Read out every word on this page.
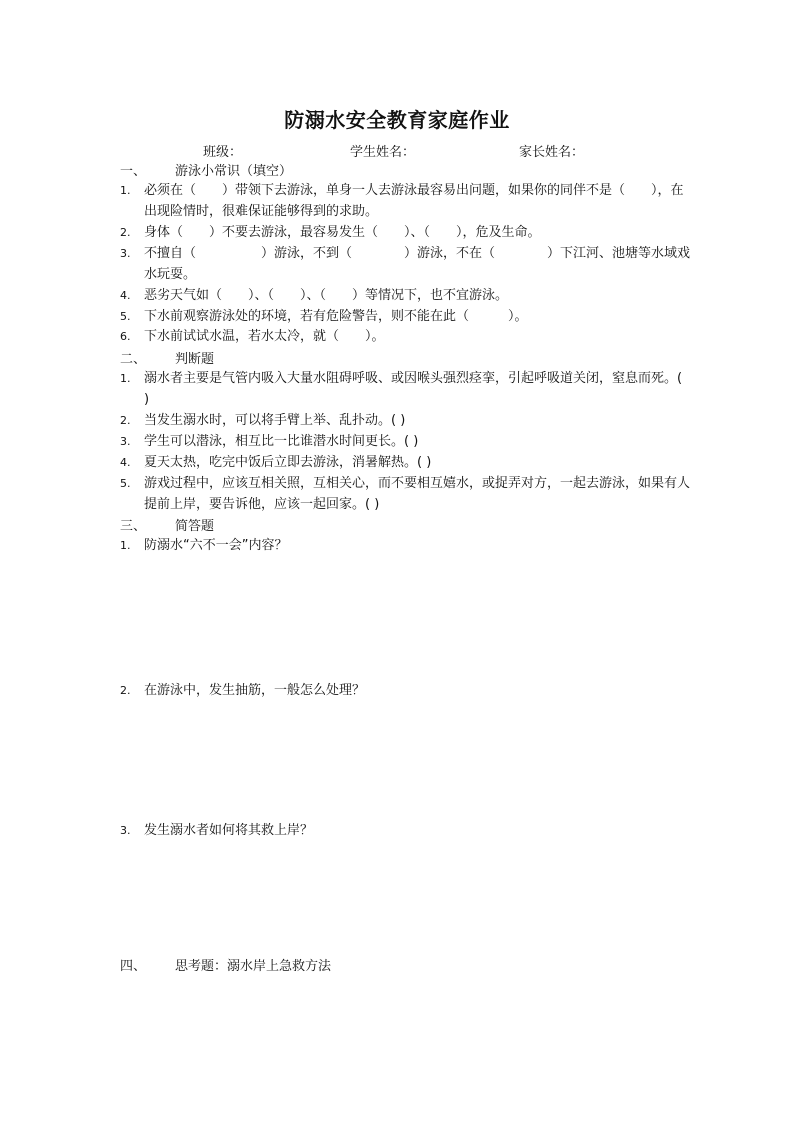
防溺水安全教育家庭作业
班级：	学生姓名：	家长姓名：
一、 游泳小常识（填空）
1. 必须在（　　）带领下去游泳，单身一人去游泳最容易出问题，如果你的同伴不是（　　），在出现险情时，很难保证能够得到的求助。
2. 身体（　　）不要去游泳，最容易发生（　　）、（　　），危及生命。
3. 不擅自（　　　　　）游泳，不到（　　　　）游泳，不在（　　　　）下江河、池塘等水域戏水玩耍。
4. 恶劣天气如（　　）、（　　）、（　　）等情况下，也不宜游泳。
5. 下水前观察游泳处的环境，若有危险警告，则不能在此（　　　）。
6. 下水前试试水温，若水太冷，就（　　）。
二、 判断题
1. 溺水者主要是气管内吸入大量水阻碍呼吸、或因喉头强烈痉挛，引起呼吸道关闭，窒息而死。( )
2. 当发生溺水时，可以将手臂上举、乱扑动。( )
3. 学生可以潜泳，相互比一比谁潜水时间更长。( )
4. 夏天太热，吃完中饭后立即去游泳，消暑解热。( )
5. 游戏过程中，应该互相关照，互相关心，而不要相互嬉水，或捉弄对方，一起去游泳，如果有人提前上岸，要告诉他，应该一起回家。( )
三、 简答题
1. 防溺水“六不一会”内容？
2. 在游泳中，发生抽筋，一般怎么处理？
3. 发生溺水者如何将其救上岸？
四、 思考题：溺水岸上急救方法
